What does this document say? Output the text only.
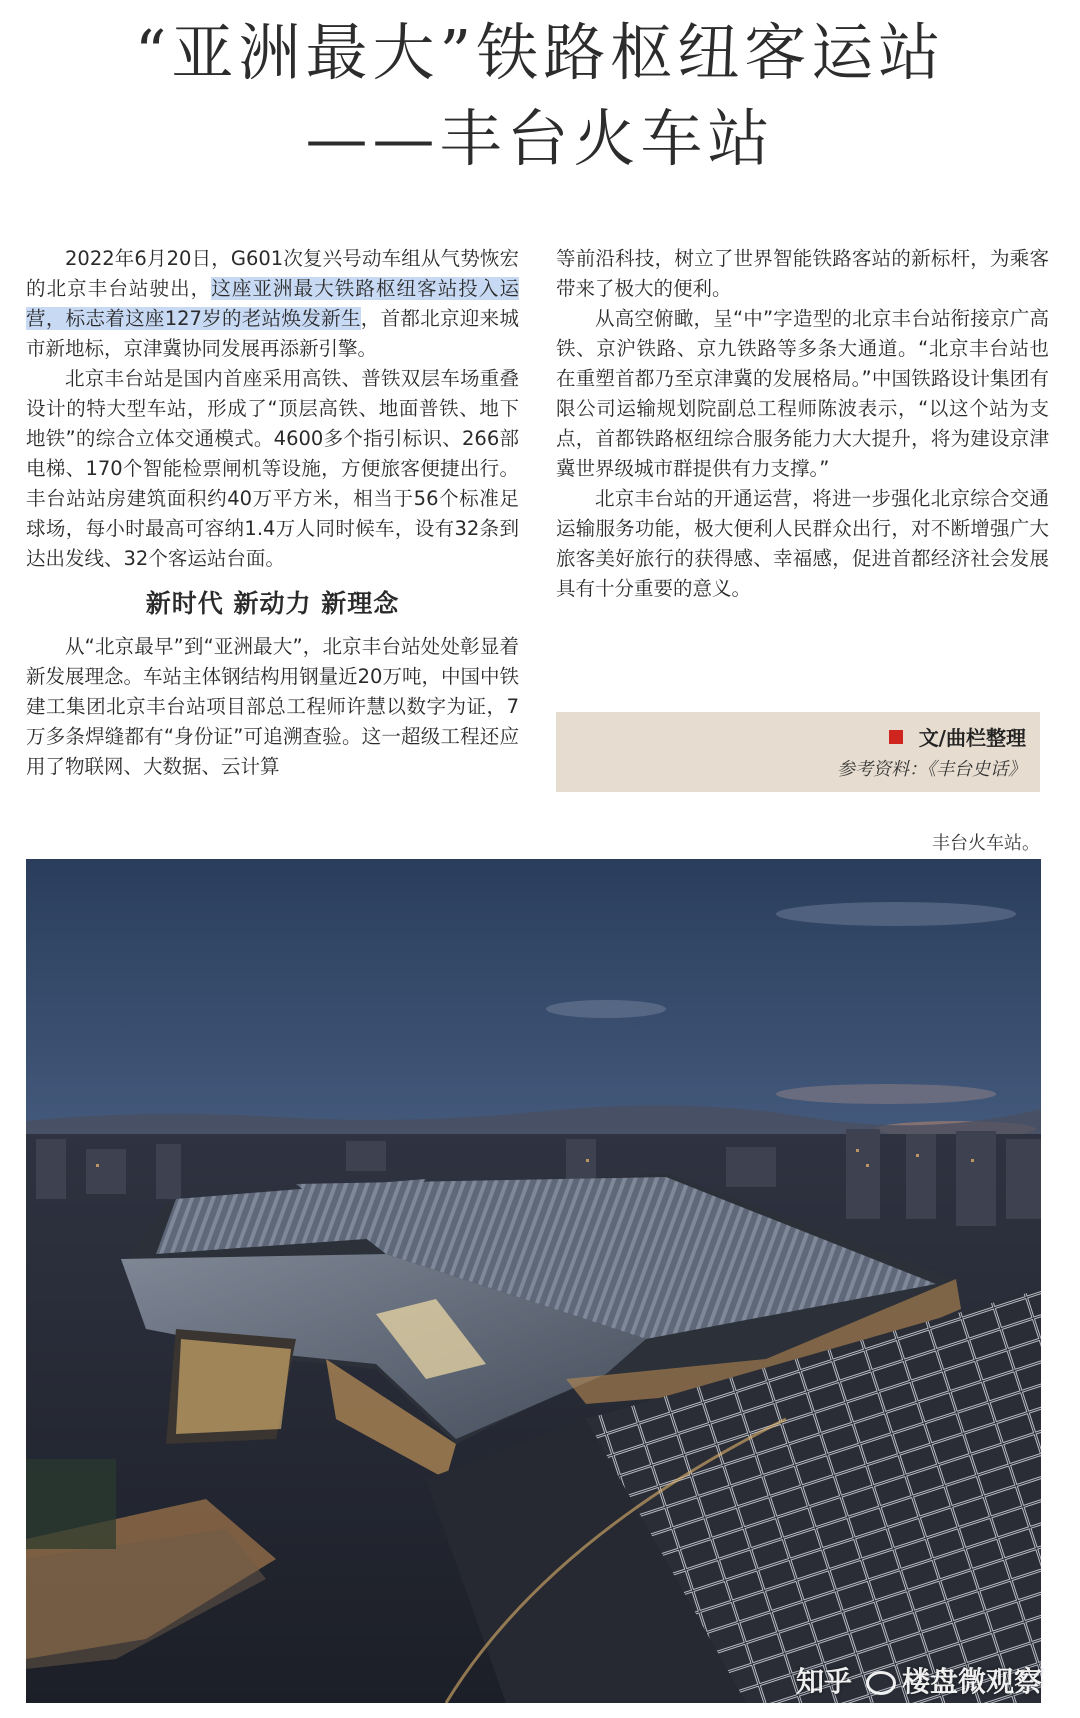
“亚洲最大”铁路枢纽客运站
——丰台火车站

2022年6月20日，G601次复兴号动车组从气势恢宏的北京丰台站驶出，这座亚洲最大铁路枢纽客站投入运营，标志着这座127岁的老站焕发新生，首都北京迎来城市新地标，京津冀协同发展再添新引擎。

北京丰台站是国内首座采用高铁、普铁双层车场重叠设计的特大型车站，形成了“顶层高铁、地面普铁、地下地铁”的综合立体交通模式。4600多个指引标识、266部电梯、170个智能检票闸机等设施，方便旅客便捷出行。丰台站站房建筑面积约40万平方米，相当于56个标准足球场，每小时最高可容纳1.4万人同时候车，设有32条到达出发线、32个客运站台面。

新时代 新动力 新理念

从“北京最早”到“亚洲最大”，北京丰台站处处彰显着新发展理念。车站主体钢结构用钢量近20万吨，中国中铁建工集团北京丰台站项目部总工程师许慧以数字为证，7万多条焊缝都有“身份证”可追溯查验。这一超级工程还应用了物联网、大数据、云计算

等前沿科技，树立了世界智能铁路客站的新标杆，为乘客带来了极大的便利。

从高空俯瞰，呈“中”字造型的北京丰台站衔接京广高铁、京沪铁路、京九铁路等多条大通道。“北京丰台站也在重塑首都乃至京津冀的发展格局。”中国铁路设计集团有限公司运输规划院副总工程师陈波表示，“以这个站为支点，首都铁路枢纽综合服务能力大大提升，将为建设京津冀世界级城市群提供有力支撑。”

北京丰台站的开通运营，将进一步强化北京综合交通运输服务功能，极大便利人民群众出行，对不断增强广大旅客美好旅行的获得感、幸福感，促进首都经济社会发展具有十分重要的意义。

文/曲栏整理
参考资料：《丰台史话》
丰台火车站。
知乎 楼盘微观察
